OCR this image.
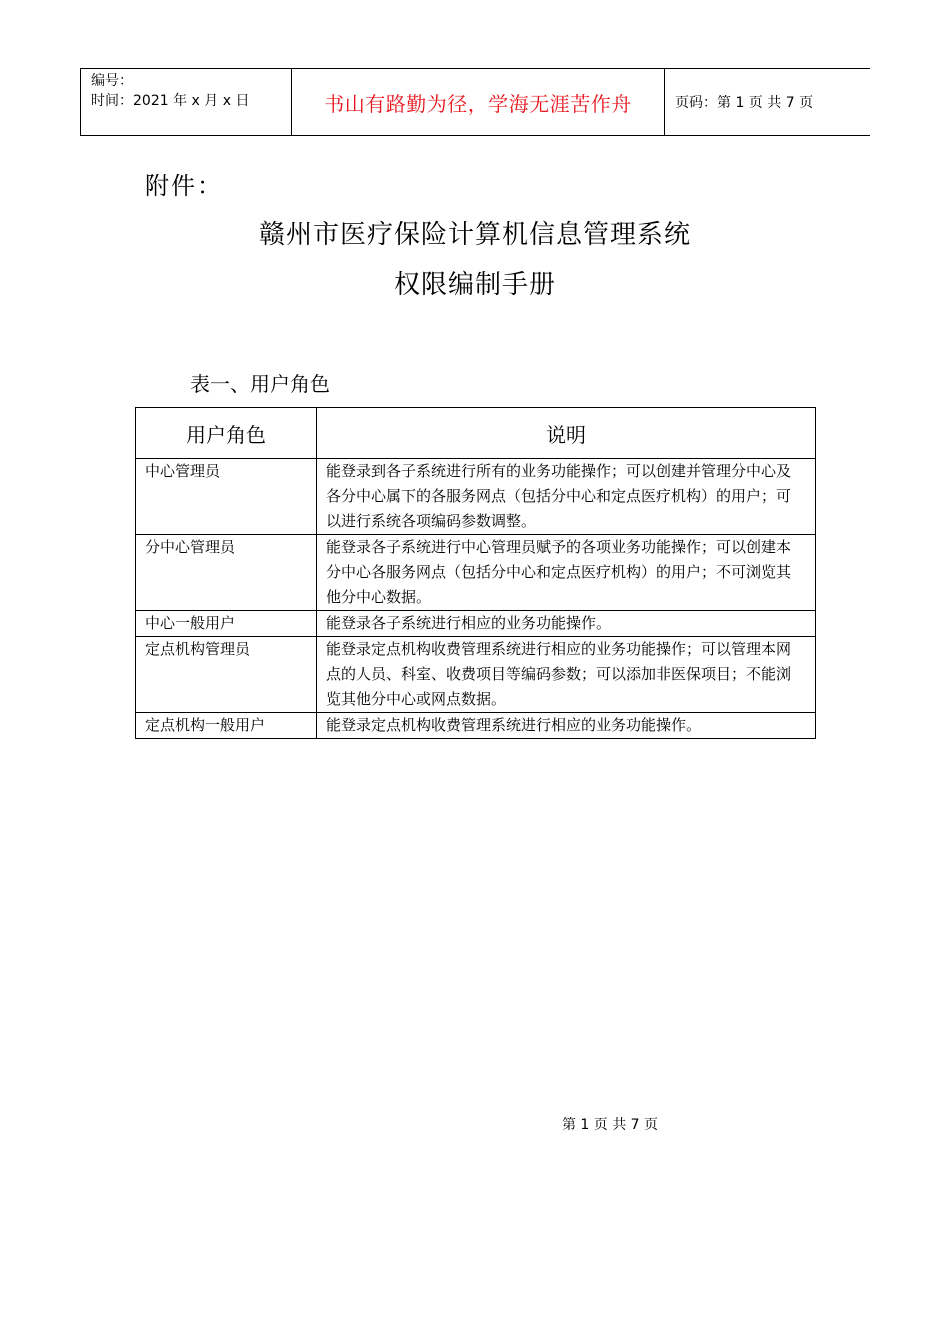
编号：
时间：2021 年 x 月 x 日	书山有路勤为径，学海无涯苦作舟	页码：第 1 页 共 7 页
附件：
赣州市医疗保险计算机信息管理系统
权限编制手册
表一、用户角色
用户角色	说明
中心管理员	能登录到各子系统进行所有的业务功能操作；可以创建并管理分中心及各分中心属下的各服务网点（包括分中心和定点医疗机构）的用户；可以进行系统各项编码参数调整。
分中心管理员	能登录各子系统进行中心管理员赋予的各项业务功能操作；可以创建本分中心各服务网点（包括分中心和定点医疗机构）的用户；不可浏览其他分中心数据。
中心一般用户	能登录各子系统进行相应的业务功能操作。
定点机构管理员	能登录定点机构收费管理系统进行相应的业务功能操作；可以管理本网点的人员、科室、收费项目等编码参数；可以添加非医保项目；不能浏览其他分中心或网点数据。
定点机构一般用户	能登录定点机构收费管理系统进行相应的业务功能操作。
第 1 页 共 7 页
